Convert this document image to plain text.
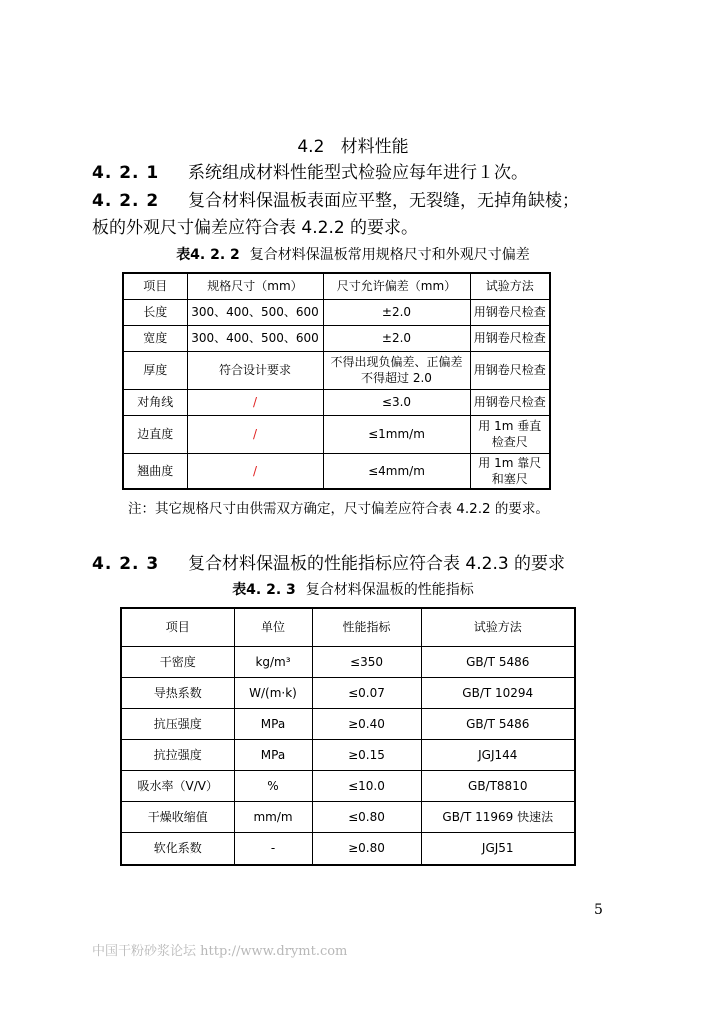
4.2 材料性能
4. 2. 1 系统组成材料性能型式检验应每年进行１次。
4. 2. 2 复合材料保温板表面应平整，无裂缝，无掉角缺棱；
板的外观尺寸偏差应符合表 4.2.2 的要求。
表4. 2. 2 复合材料保温板常用规格尺寸和外观尺寸偏差
项目	规格尺寸（mm）	尺寸允许偏差（mm）	试验方法
长度	300、400、500、600	±2.0	用钢卷尺检查
宽度	300、400、500、600	±2.0	用钢卷尺检查
厚度	符合设计要求	不得出现负偏差、正偏差不得超过 2.0	用钢卷尺检查
对角线	/	≤3.0	用钢卷尺检查
边直度	/	≤1mm/m	用 1m 垂直检查尺
翘曲度	/	≤4mm/m	用 1m 靠尺和塞尺
注：其它规格尺寸由供需双方确定，尺寸偏差应符合表 4.2.2 的要求。
4. 2. 3 复合材料保温板的性能指标应符合表 4.2.3 的要求
表4. 2. 3 复合材料保温板的性能指标
项目	单位	性能指标	试验方法
干密度	kg/m³	≤350	GB/T 5486
导热系数	W/(m·k)	≤0.07	GB/T 10294
抗压强度	MPa	≥0.40	GB/T 5486
抗拉强度	MPa	≥0.15	JGJ144
吸水率（V/V）	%	≤10.0	GB/T8810
干燥收缩值	mm/m	≤0.80	GB/T 11969 快速法
软化系数	-	≥0.80	JGJ51
5
中国干粉砂浆论坛 http://www.drymt.com
